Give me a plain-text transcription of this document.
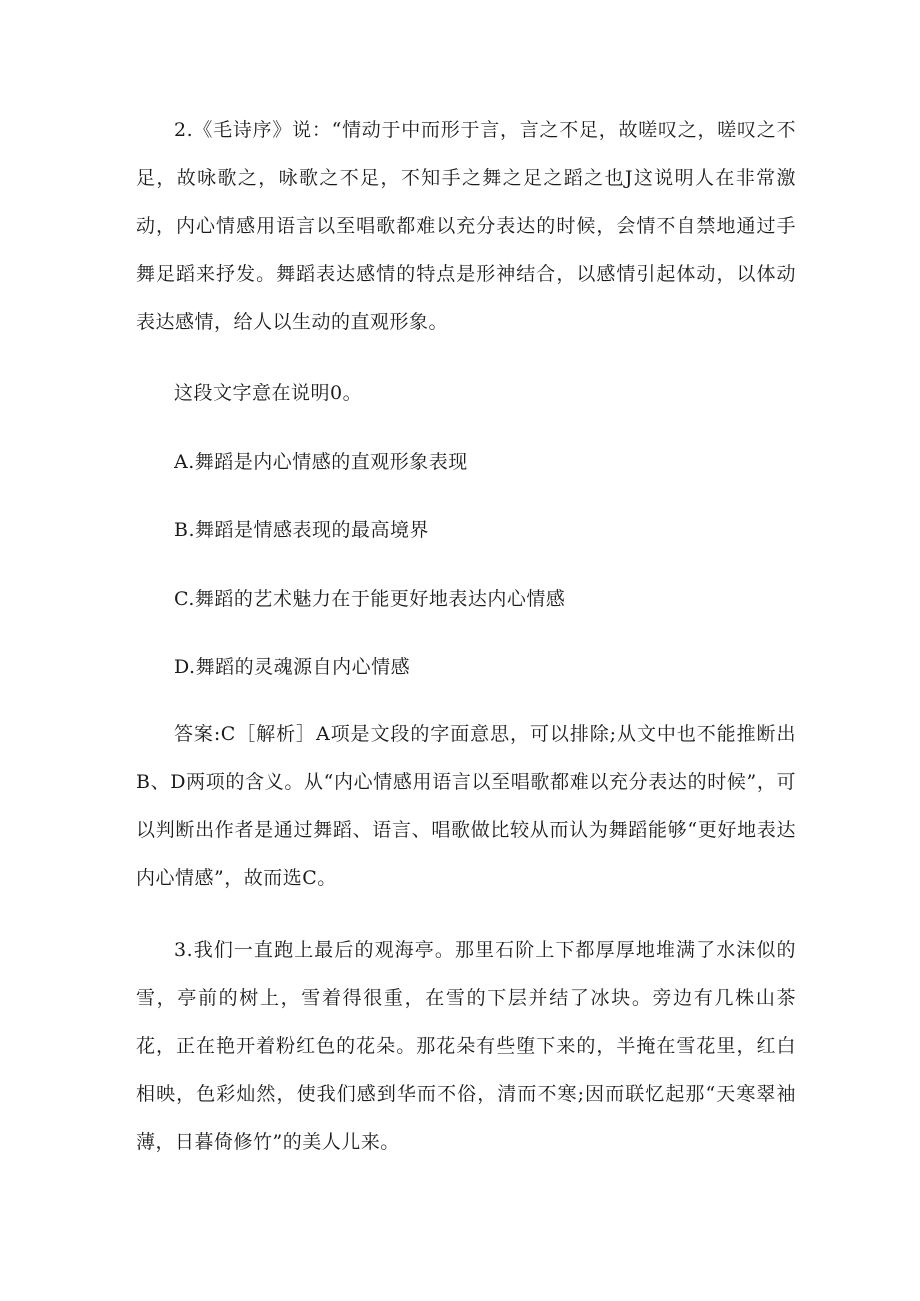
2.《毛诗序》说：“情动于中而形于言，言之不足，故嗟叹之，嗟叹之不足，故咏歌之，咏歌之不足，不知手之舞之足之蹈之也J这说明人在非常激动，内心情感用语言以至唱歌都难以充分表达的时候，会情不自禁地通过手舞足蹈来抒发。舞蹈表达感情的特点是形神结合，以感情引起体动，以体动表达感情，给人以生动的直观形象。

这段文字意在说明0。

A.舞蹈是内心情感的直观形象表现

B.舞蹈是情感表现的最高境界

C.舞蹈的艺术魅力在于能更好地表达内心情感

D.舞蹈的灵魂源自内心情感

答案:C［解析］A项是文段的字面意思，可以排除;从文中也不能推断出B、D两项的含义。从“内心情感用语言以至唱歌都难以充分表达的时候”，可以判断出作者是通过舞蹈、语言、唱歌做比较从而认为舞蹈能够“更好地表达内心情感”，故而选C。

3.我们一直跑上最后的观海亭。那里石阶上下都厚厚地堆满了水沫似的雪，亭前的树上，雪着得很重，在雪的下层并结了冰块。旁边有几株山茶花，正在艳开着粉红色的花朵。那花朵有些堕下来的，半掩在雪花里，红白相映，色彩灿然，使我们感到华而不俗，清而不寒;因而联忆起那“天寒翠袖薄，日暮倚修竹”的美人儿来。
